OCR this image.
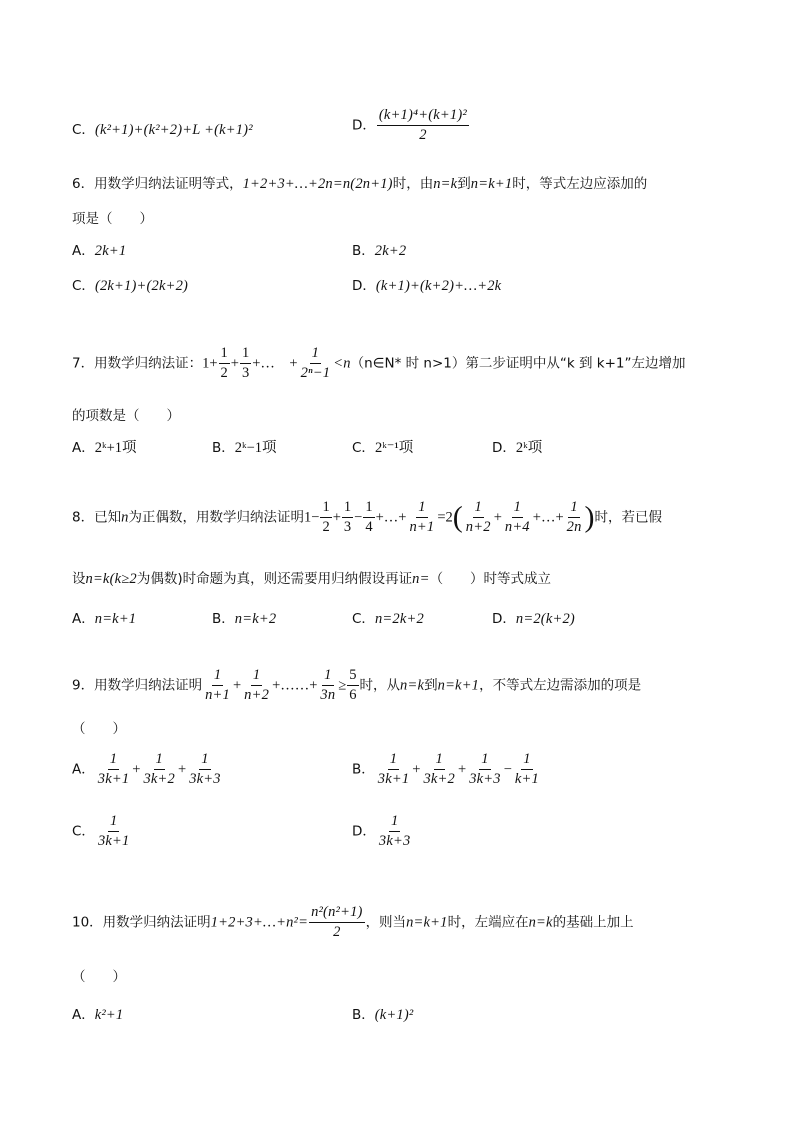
C．(k²+1)+(k²+2)+L +(k+1)²	D． $\frac{\text{(k+1)⁴+(k+1)²}}{2}$
6．用数学归纳法证明等式，1+2+3+…+2n=n(2n+1)时，由n=k到n=k+1时，等式左边应添加的
项是（　　）
A．2k+1	B．2k+2
C．(2k+1)+(2k+2)	D．(k+1)+(k+2)+…+2k
7．用数学归纳法证：$1+ \frac{1}{2} + \frac{1}{3}$ +…　+ $\frac{1}{\text{2ⁿ−1}}$ <n（n∈N* 时 n>1）第二步证明中从“k 到 k+1”左边增加
的项数是（　　）
A．2ᵏ+1项	B．2ᵏ−1项	C．2ᵏ⁻¹项	D．2ᵏ项
8．已知n为正偶数，用数学归纳法证明$1- \frac{1}{2} + \frac{1}{3} - \frac{1}{4}$ +…+ $\frac{1}{n+1} =2( \frac{1}{n+2} + \frac{1}{n+4}$ +…+ $\frac{1}{2n}$ )时，若已假
设n=k(k≥2为偶数)时命题为真，则还需要用归纳假设再证n=（　　）时等式成立
A．n=k+1	B．n=k+2	C．n=2k+2	D．n=2(k+2)
9．用数学归纳法证明 $\frac{1}{n+1} + \frac{1}{n+2}$ +……+ $\frac{1}{3n} \ge \frac{5}{6}$ 时，从n=k到n=k+1，不等式左边需添加的项是
（　　）
A． $\frac{1}{3k+1} + \frac{1}{3k+2} + \frac{1}{3k+3}$	B． $\frac{1}{3k+1} + \frac{1}{3k+2} + \frac{1}{3k+3} - \frac{1}{k+1}$
C． $\frac{1}{3k+1}$	D． $\frac{1}{3k+3}$
10．用数学归纳法证明1+2+3+…+n²= $\frac{\text{n²(n²+1)}}{2}$ ，则当n=k+1时，左端应在n=k的基础上加上
（　　）
A．k²+1	B．(k+1)²
